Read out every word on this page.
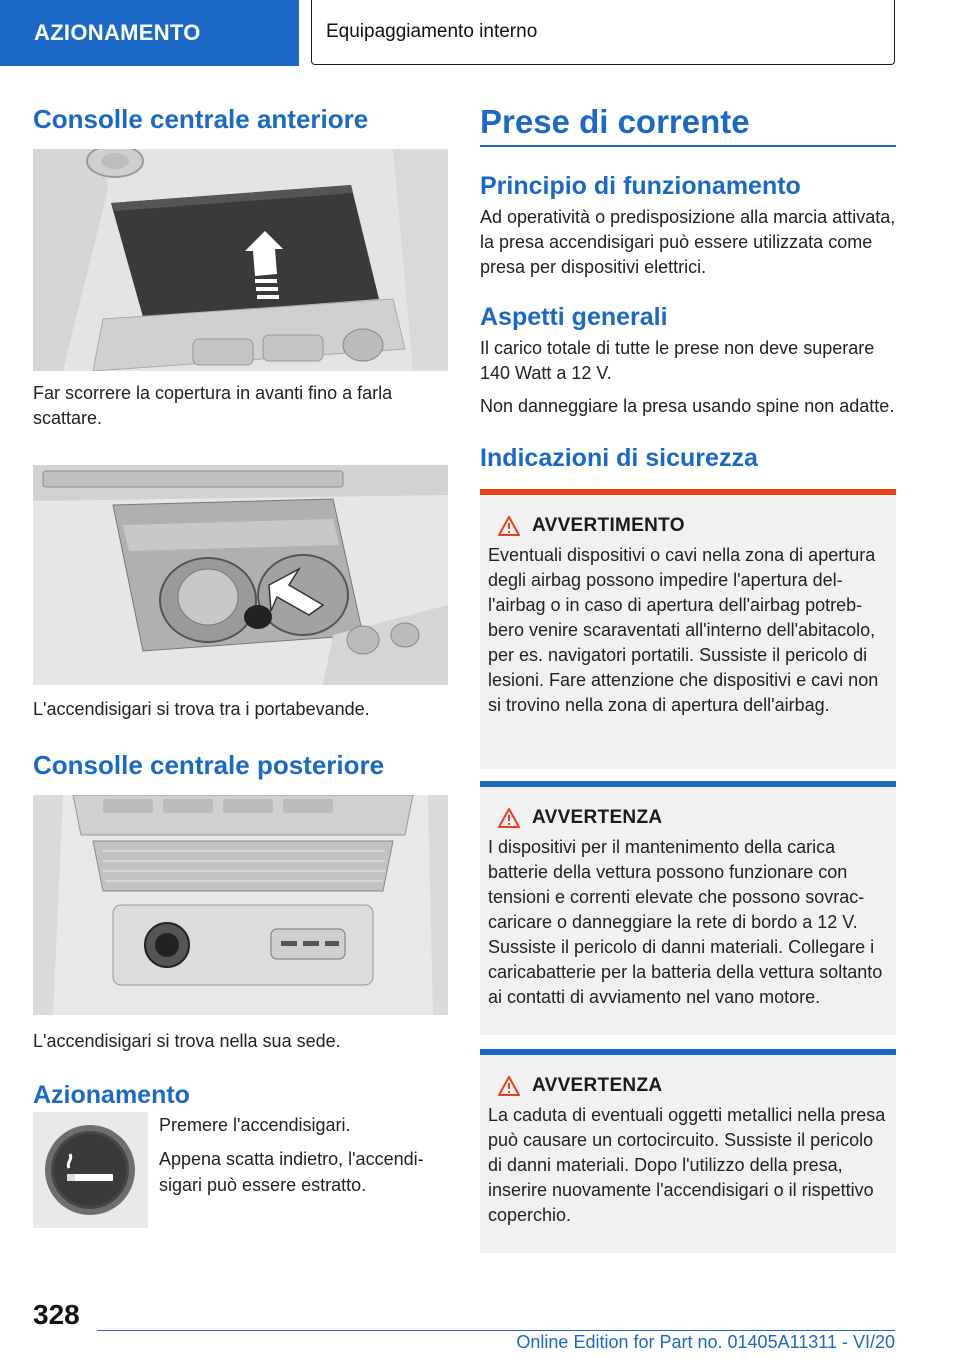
AZIONAMENTO	Equipaggiamento interno
Consolle centrale anteriore

Far scorrere la copertura in avanti fino a farla scattare.

L'accendisigari si trova tra i portabevande.

Consolle centrale posteriore

L'accendisigari si trova nella sua sede.

Azionamento

Premere l'accendisigari.

Appena scatta indietro, l'accendisigari può essere estratto.

Prese di corrente
Principio di funzionamento

Ad operatività o predisposizione alla marcia attivata, la presa accendisigari può essere utilizzata come presa per dispositivi elettrici.

Aspetti generali

Il carico totale di tutte le prese non deve superare 140 Watt a 12 V.

Non danneggiare la presa usando spine non adatte.

Indicazioni di sicurezza
AVVERTIMENTO

Eventuali dispositivi o cavi nella zona di apertura degli airbag possono impedire l'apertura dell'airbag o in caso di apertura dell'airbag potrebbero venire scaraventati all'interno dell'abitacolo, per es. navigatori portatili. Sussiste il pericolo di lesioni. Fare attenzione che dispositivi e cavi non si trovino nella zona di apertura dell'airbag.

AVVERTENZA

I dispositivi per il mantenimento della carica batterie della vettura possono funzionare con tensioni e correnti elevate che possono sovraccaricare o danneggiare la rete di bordo a 12 V. Sussiste il pericolo di danni materiali. Collegare i caricabatterie per la batteria della vettura soltanto ai contatti di avviamento nel vano motore.

AVVERTENZA

La caduta di eventuali oggetti metallici nella presa può causare un cortocircuito. Sussiste il pericolo di danni materiali. Dopo l'utilizzo della presa, inserire nuovamente l'accendisigari o il rispettivo coperchio.

328
Online Edition for Part no. 01405A11311 - VI/20
